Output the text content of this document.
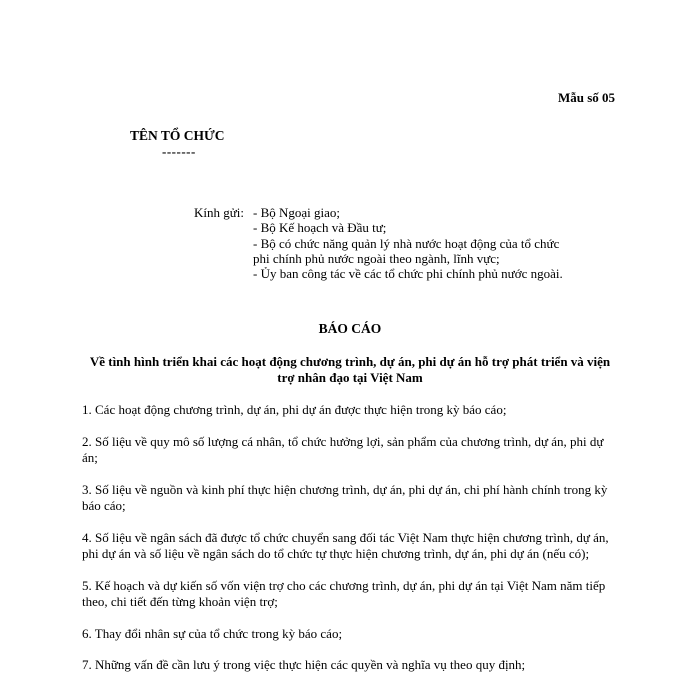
Mẫu số 05
TÊN TỔ CHỨC
-------
Kính gửi: - Bộ Ngoại giao;
- Bộ Kế hoạch và Đầu tư;
- Bộ có chức năng quản lý nhà nước hoạt động của tổ chức
phi chính phủ nước ngoài theo ngành, lĩnh vực;
- Ủy ban công tác về các tổ chức phi chính phủ nước ngoài.
BÁO CÁO
Về tình hình triển khai các hoạt động chương trình, dự án, phi dự án hỗ trợ phát triển và viện trợ nhân đạo tại Việt Nam
1. Các hoạt động chương trình, dự án, phi dự án được thực hiện trong kỳ báo cáo;
2. Số liệu về quy mô số lượng cá nhân, tổ chức hưởng lợi, sản phẩm của chương trình, dự án, phi dự án;
3. Số liệu về nguồn và kinh phí thực hiện chương trình, dự án, phi dự án, chi phí hành chính trong kỳ báo cáo;
4. Số liệu về ngân sách đã được tổ chức chuyển sang đối tác Việt Nam thực hiện chương trình, dự án, phi dự án và số liệu về ngân sách do tổ chức tự thực hiện chương trình, dự án, phi dự án (nếu có);
5. Kế hoạch và dự kiến số vốn viện trợ cho các chương trình, dự án, phi dự án tại Việt Nam năm tiếp theo, chi tiết đến từng khoản viện trợ;
6. Thay đổi nhân sự của tổ chức trong kỳ báo cáo;
7. Những vấn đề cần lưu ý trong việc thực hiện các quyền và nghĩa vụ theo quy định;
